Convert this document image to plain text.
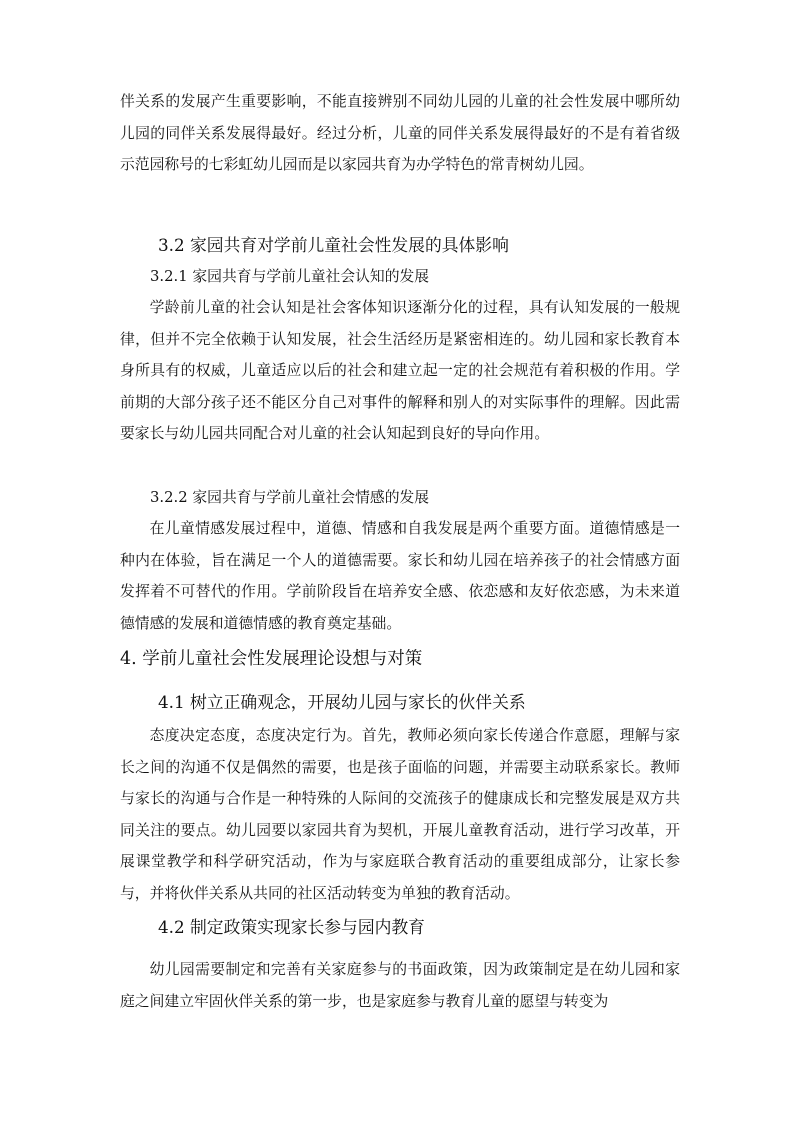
伴关系的发展产生重要影响，不能直接辨别不同幼儿园的儿童的社会性发展中哪所幼儿园的同伴关系发展得最好。经过分析，儿童的同伴关系发展得最好的不是有着省级示范园称号的七彩虹幼儿园而是以家园共育为办学特色的常青树幼儿园。

3.2 家园共育对学前儿童社会性发展的具体影响

3.2.1 家园共育与学前儿童社会认知的发展

学龄前儿童的社会认知是社会客体知识逐渐分化的过程，具有认知发展的一般规律，但并不完全依赖于认知发展，社会生活经历是紧密相连的。幼儿园和家长教育本身所具有的权威，儿童适应以后的社会和建立起一定的社会规范有着积极的作用。学前期的大部分孩子还不能区分自己对事件的解释和别人的对实际事件的理解。因此需要家长与幼儿园共同配合对儿童的社会认知起到良好的导向作用。

3.2.2 家园共育与学前儿童社会情感的发展

在儿童情感发展过程中，道德、情感和自我发展是两个重要方面。道德情感是一种内在体验，旨在满足一个人的道德需要。家长和幼儿园在培养孩子的社会情感方面发挥着不可替代的作用。学前阶段旨在培养安全感、依恋感和友好依恋感，为未来道德情感的发展和道德情感的教育奠定基础。

4. 学前儿童社会性发展理论设想与对策

4.1 树立正确观念，开展幼儿园与家长的伙伴关系

态度决定态度，态度决定行为。首先，教师必须向家长传递合作意愿，理解与家长之间的沟通不仅是偶然的需要，也是孩子面临的问题，并需要主动联系家长。教师与家长的沟通与合作是一种特殊的人际间的交流孩子的健康成长和完整发展是双方共同关注的要点。幼儿园要以家园共育为契机，开展儿童教育活动，进行学习改革，开展课堂教学和科学研究活动，作为与家庭联合教育活动的重要组成部分，让家长参与，并将伙伴关系从共同的社区活动转变为单独的教育活动。

4.2 制定政策实现家长参与园内教育

幼儿园需要制定和完善有关家庭参与的书面政策，因为政策制定是在幼儿园和家庭之间建立牢固伙伴关系的第一步，也是家庭参与教育儿童的愿望与转变为
